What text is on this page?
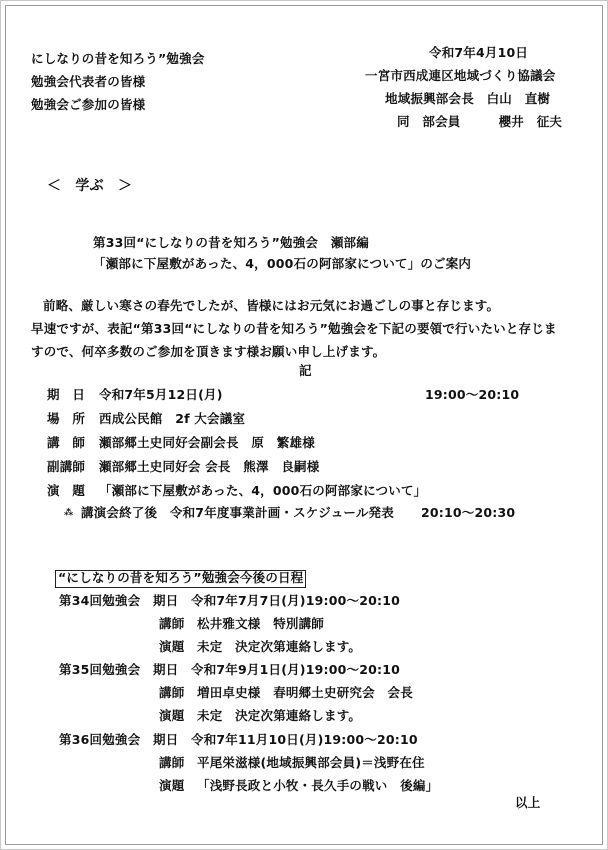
にしなりの昔を知ろう”勉強会
勉強会代表者の皆様
勉強会ご参加の皆様
令和7年4月10日
一宮市西成連区地域づくり協議会
地域振興部会長　白山　直樹
同　部会員　　　櫻井　征夫
＜　学ぶ　＞
第33回“にしなりの昔を知ろう”勉強会　瀬部編
「瀬部に下屋敷があった、4，000石の阿部家について」のご案内
前略、厳しい寒さの春先でしたが、皆様にはお元気にお過ごしの事と存じます。
早速ですが、表記“第33回“にしなりの昔を知ろう”勉強会を下記の要領で行いたいと存じま
すので、何卒多数のご参加を頂きます様お願い申し上げます。
記
期　日 令和7年5月12日(月)	19:00～20:10
場　所 西成公民館　2f 大会議室
講　師 瀬部郷土史同好会副会長　原　繁雄様
副講師 瀬部郷土史同好会 会長　熊澤　良嗣様
演　題 「瀬部に下屋敷があった、4，000石の阿部家について」
⁂ 講演会終了後　令和7年度事業計画・スケジュール発表 20:10～20:30
“にしなりの昔を知ろう”勉強会今後の日程
第34回勉強会 期日 令和7年7月7日(月)19:00～20:10
講師 松井雅文様　特別講師
演題 未定　決定次第連絡します。
第35回勉強会 期日 令和7年9月1日(月)19:00～20:10
講師 増田卓史様　春明郷土史研究会　会長
演題 未定　決定次第連絡します。
第36回勉強会 期日 令和7年11月10日(月)19:00～20:10
講師 平尾栄滋様(地域振興部会員)＝浅野在住
演題 「浅野長政と小牧・長久手の戦い　後編」
以上
